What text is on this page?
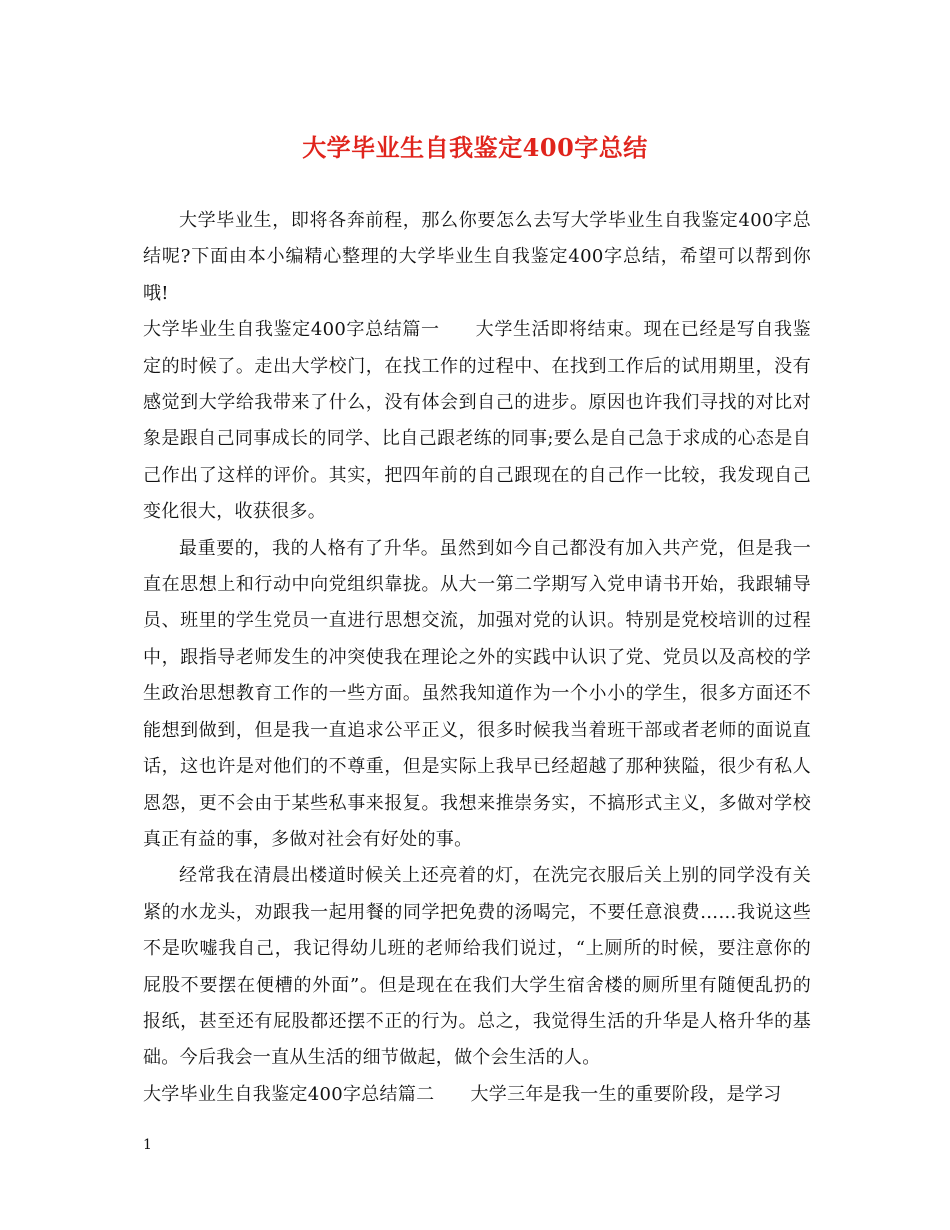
大学毕业生自我鉴定400字总结

大学毕业生，即将各奔前程，那么你要怎么去写大学毕业生自我鉴定400字总结呢?下面由本小编精心整理的大学毕业生自我鉴定400字总结，希望可以帮到你哦!

大学毕业生自我鉴定400字总结篇一 大学生活即将结束。现在已经是写自我鉴定的时候了。走出大学校门，在找工作的过程中、在找到工作后的试用期里，没有感觉到大学给我带来了什么，没有体会到自己的进步。原因也许我们寻找的对比对象是跟自己同事成长的同学、比自己跟老练的同事;要么是自己急于求成的心态是自己作出了这样的评价。其实，把四年前的自己跟现在的自己作一比较，我发现自己变化很大，收获很多。

最重要的，我的人格有了升华。虽然到如今自己都没有加入共产党，但是我一直在思想上和行动中向党组织靠拢。从大一第二学期写入党申请书开始，我跟辅导员、班里的学生党员一直进行思想交流，加强对党的认识。特别是党校培训的过程中，跟指导老师发生的冲突使我在理论之外的实践中认识了党、党员以及高校的学生政治思想教育工作的一些方面。虽然我知道作为一个小小的学生，很多方面还不能想到做到，但是我一直追求公平正义，很多时候我当着班干部或者老师的面说直话，这也许是对他们的不尊重，但是实际上我早已经超越了那种狭隘，很少有私人恩怨，更不会由于某些私事来报复。我想来推崇务实，不搞形式主义，多做对学校真正有益的事，多做对社会有好处的事。

经常我在清晨出楼道时候关上还亮着的灯，在洗完衣服后关上别的同学没有关紧的水龙头，劝跟我一起用餐的同学把免费的汤喝完，不要任意浪费……我说这些不是吹嘘我自己，我记得幼儿班的老师给我们说过，“上厕所的时候，要注意你的屁股不要摆在便槽的外面”。但是现在在我们大学生宿舍楼的厕所里有随便乱扔的报纸，甚至还有屁股都还摆不正的行为。总之，我觉得生活的升华是人格升华的基础。今后我会一直从生活的细节做起，做个会生活的人。

大学毕业生自我鉴定400字总结篇二 大学三年是我一生的重要阶段，是学习

1
